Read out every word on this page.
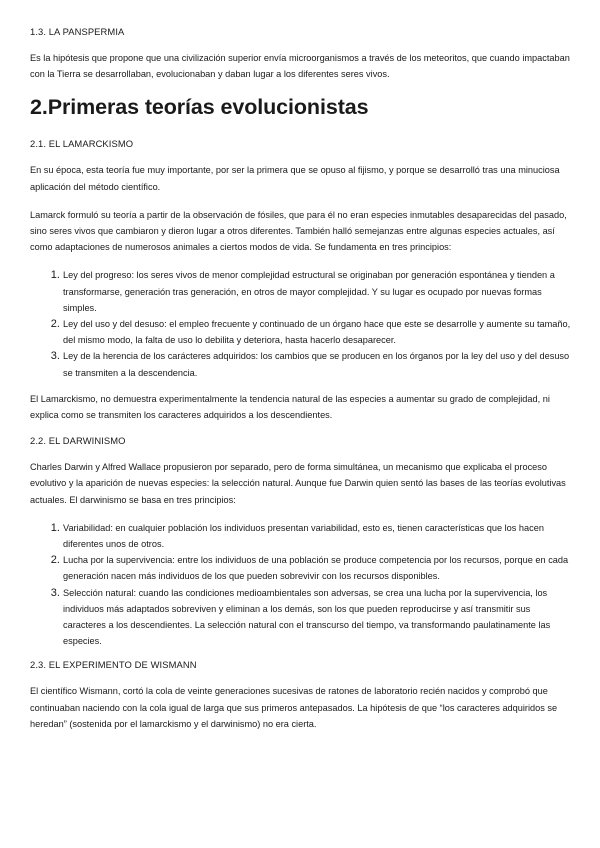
1.3. LA PANSPERMIA

Es la hipótesis que propone que una civilización superior envía microorganismos a través de los meteoritos, que cuando impactaban con la Tierra se desarrollaban, evolucionaban y daban lugar a los diferentes seres vivos.

2.Primeras teorías evolucionistas
2.1. EL LAMARCKISMO

En su época, esta teoría fue muy importante, por ser la primera que se opuso al fijismo, y porque se desarrolló tras una minuciosa aplicación del método científico.

Lamarck formuló su teoría a partir de la observación de fósiles, que para él no eran especies inmutables desaparecidas del pasado, sino seres vivos que cambiaron y dieron lugar a otros diferentes. También halló semejanzas entre algunas especies actuales, así como adaptaciones de numerosos animales a ciertos modos de vida. Se fundamenta en tres principios:

1. Ley del progreso: los seres vivos de menor complejidad estructural se originaban por generación espontánea y tienden a transformarse, generación tras generación, en otros de mayor complejidad. Y su lugar es ocupado por nuevas formas simples.
2. Ley del uso y del desuso: el empleo frecuente y continuado de un órgano hace que este se desarrolle y aumente su tamaño, del mismo modo, la falta de uso lo debilita y deteriora, hasta hacerlo desaparecer.
3. Ley de la herencia de los carácteres adquiridos: los cambios que se producen en los órganos por la ley del uso y del desuso se transmiten a la descendencia.

El Lamarckismo, no demuestra experimentalmente la tendencia natural de las especies a aumentar su grado de complejidad, ni explica como se transmiten los caracteres adquiridos a los descendientes.

2.2. EL DARWINISMO

Charles Darwin y Alfred Wallace propusieron por separado, pero de forma simultánea, un mecanismo que explicaba el proceso evolutivo y la aparición de nuevas especies: la selección natural. Aunque fue Darwin quien sentó las bases de las teorías evolutivas actuales. El darwinismo se basa en tres principios:

1. Variabilidad: en cualquier población los individuos presentan variabilidad, esto es, tienen características que los hacen diferentes unos de otros.
2. Lucha por la supervivencia: entre los individuos de una población se produce competencia por los recursos, porque en cada generación nacen más individuos de los que pueden sobrevivir con los recursos disponibles.
3. Selección natural: cuando las condiciones medioambientales son adversas, se crea una lucha por la supervivencia, los individuos más adaptados sobreviven y eliminan a los demás, son los que pueden reproducirse y así transmitir sus caracteres a los descendientes. La selección natural con el transcurso del tiempo, va transformando paulatinamente las especies.
2.3. EL EXPERIMENTO DE WISMANN

El científico Wismann, cortó la cola de veinte generaciones sucesivas de ratones de laboratorio recién nacidos y comprobó que continuaban naciendo con la cola igual de larga que sus primeros antepasados. La hipótesis de que “los caracteres adquiridos se heredan” (sostenida por el lamarckismo y el darwinismo) no era cierta.
